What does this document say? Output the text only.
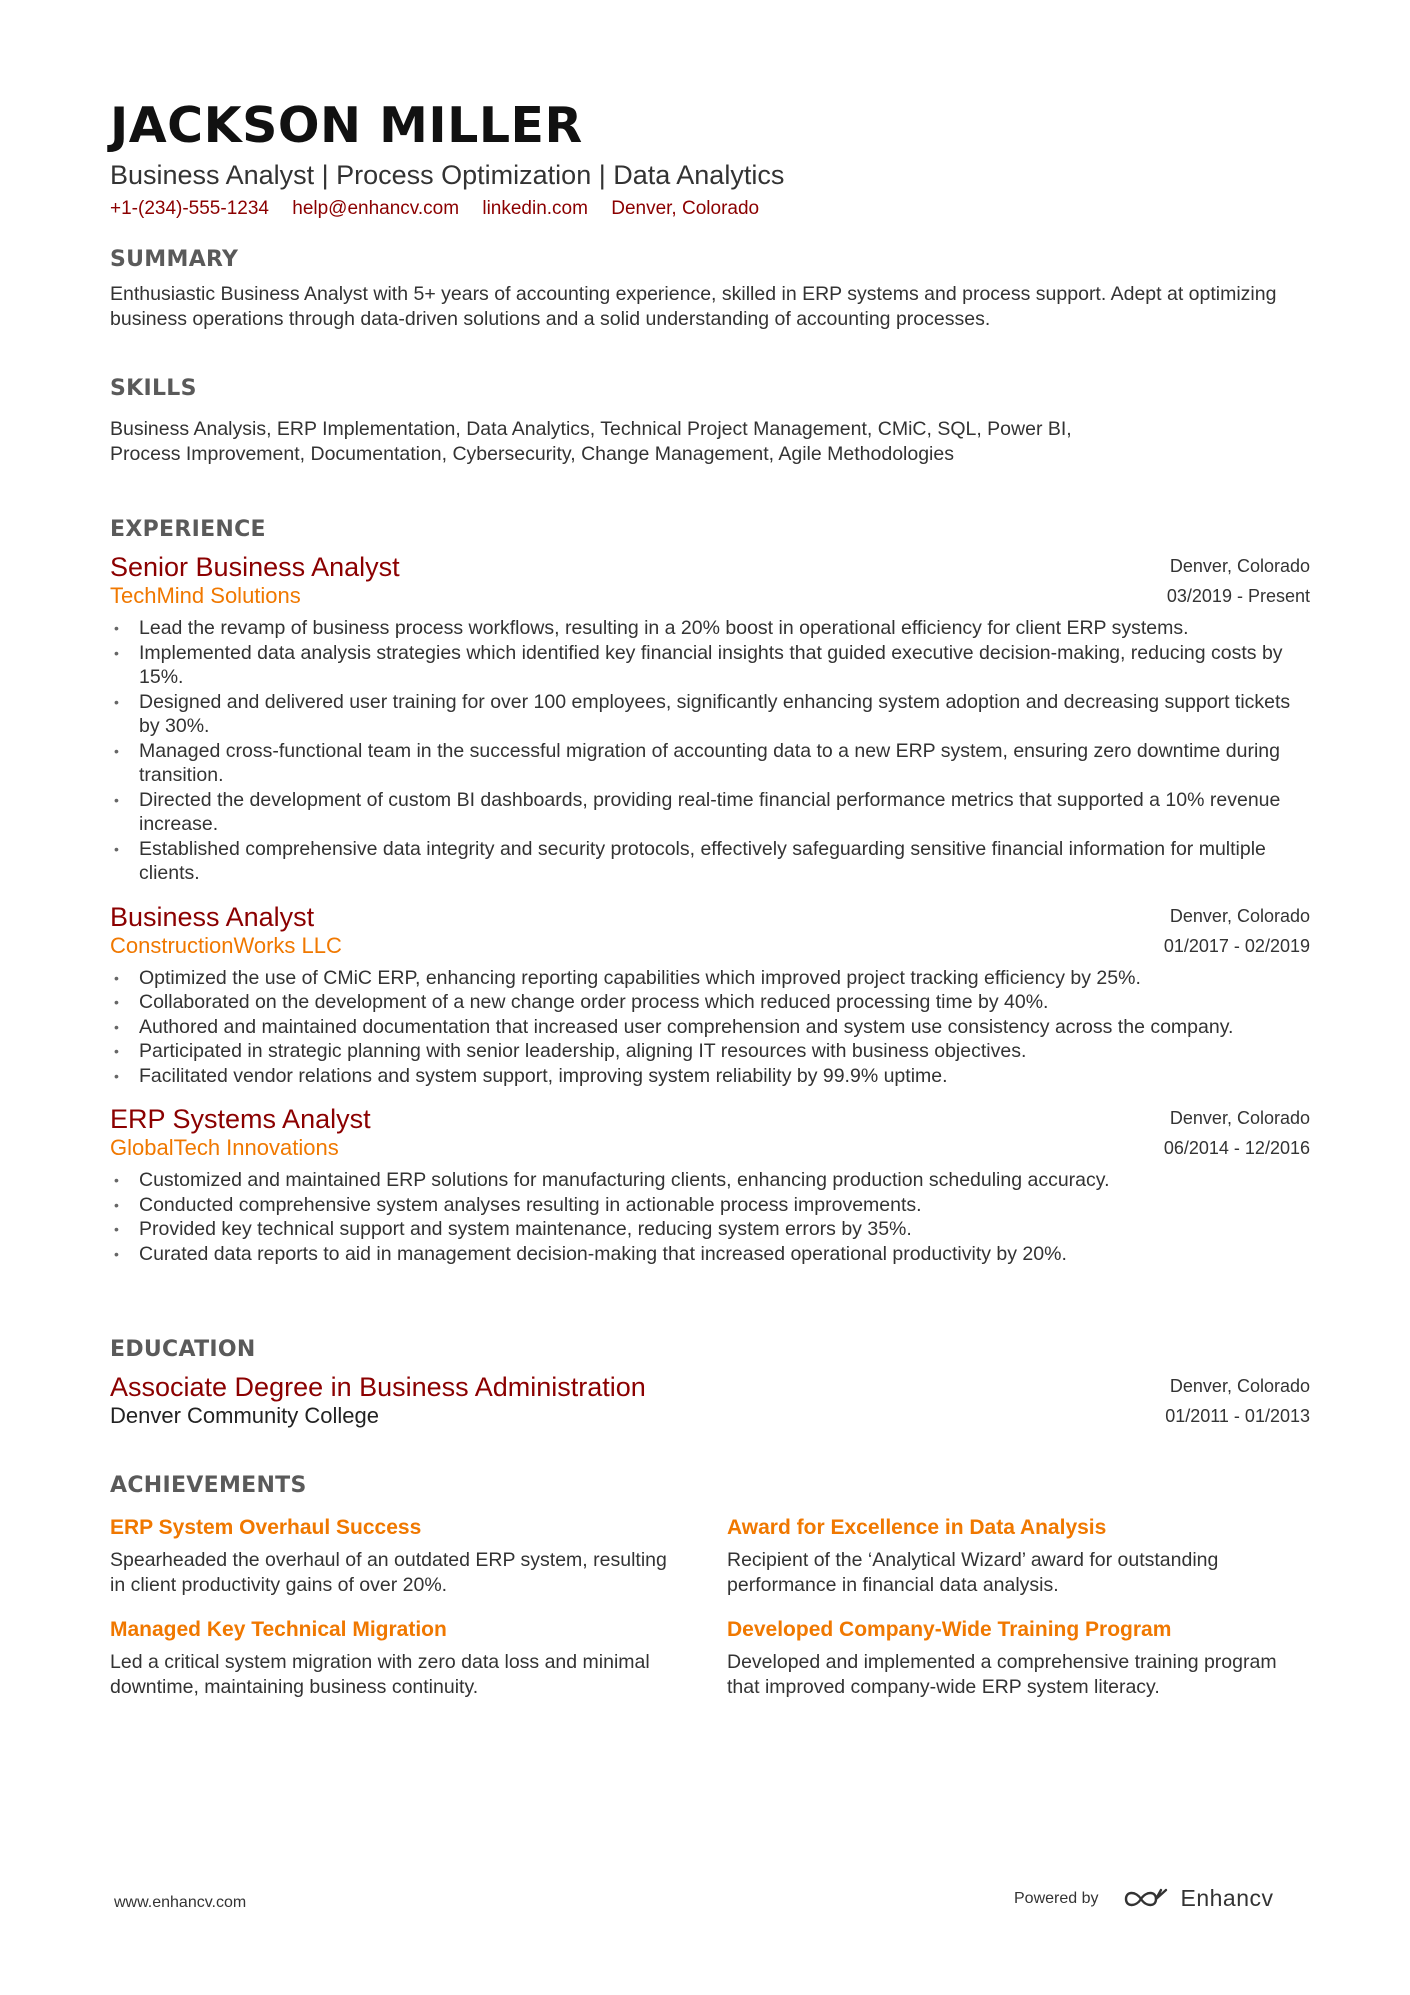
JACKSON MILLER
Business Analyst | Process Optimization | Data Analytics
+1-(234)-555-1234 help@enhancv.com linkedin.com Denver, Colorado
SUMMARY
Enthusiastic Business Analyst with 5+ years of accounting experience, skilled in ERP systems and process support. Adept at optimizing business operations through data-driven solutions and a solid understanding of accounting processes.
SKILLS
Business Analysis, ERP Implementation, Data Analytics, Technical Project Management, CMiC, SQL, Power BI,
Process Improvement, Documentation, Cybersecurity, Change Management, Agile Methodologies
EXPERIENCE
Senior Business Analyst
TechMind Solutions
Denver, Colorado
03/2019 - Present
• Lead the revamp of business process workflows, resulting in a 20% boost in operational efficiency for client ERP systems.
• Implemented data analysis strategies which identified key financial insights that guided executive decision-making, reducing costs by 15%.
• Designed and delivered user training for over 100 employees, significantly enhancing system adoption and decreasing support tickets by 30%.
• Managed cross-functional team in the successful migration of accounting data to a new ERP system, ensuring zero downtime during transition.
• Directed the development of custom BI dashboards, providing real-time financial performance metrics that supported a 10% revenue increase.
• Established comprehensive data integrity and security protocols, effectively safeguarding sensitive financial information for multiple clients.
Business Analyst
ConstructionWorks LLC
Denver, Colorado
01/2017 - 02/2019
• Optimized the use of CMiC ERP, enhancing reporting capabilities which improved project tracking efficiency by 25%.
• Collaborated on the development of a new change order process which reduced processing time by 40%.
• Authored and maintained documentation that increased user comprehension and system use consistency across the company.
• Participated in strategic planning with senior leadership, aligning IT resources with business objectives.
• Facilitated vendor relations and system support, improving system reliability by 99.9% uptime.
ERP Systems Analyst
GlobalTech Innovations
Denver, Colorado
06/2014 - 12/2016
• Customized and maintained ERP solutions for manufacturing clients, enhancing production scheduling accuracy.
• Conducted comprehensive system analyses resulting in actionable process improvements.
• Provided key technical support and system maintenance, reducing system errors by 35%.
• Curated data reports to aid in management decision-making that increased operational productivity by 20%.
EDUCATION
Associate Degree in Business Administration
Denver Community College
Denver, Colorado
01/2011 - 01/2013
ACHIEVEMENTS
ERP System Overhaul Success
Spearheaded the overhaul of an outdated ERP system, resulting in client productivity gains of over 20%.
Award for Excellence in Data Analysis
Recipient of the ‘Analytical Wizard’ award for outstanding performance in financial data analysis.
Managed Key Technical Migration
Led a critical system migration with zero data loss and minimal downtime, maintaining business continuity.
Developed Company-Wide Training Program
Developed and implemented a comprehensive training program that improved company-wide ERP system literacy.
www.enhancv.com	Powered by	Enhancv
